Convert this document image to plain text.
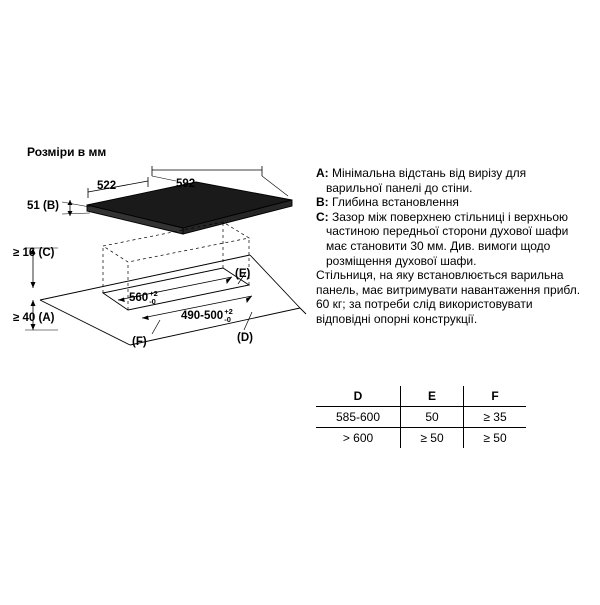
Розміри в мм
522	592
51 (B)
≥ 16 (C)
≥ 40 (A)
560 +2
-0
490-500 +2
-0
(E)
(D)
(F)
A: Мінімальна відстань від вирізу для варильної панелі до стіни.
B: Глибина встановлення
C: Зазор між поверхнею стільниці і верхньою частиною передньої сторони духової шафи має становити 30 мм. Див. вимоги щодо розміщення духової шафи.
Стільниця, на яку встановлюється варильна панель, має витримувати навантаження прибл. 60 кг; за потреби слід використовувати відповідні опорні конструкції.
D	E	F
585-600	50	≥ 35
> 600	≥ 50	≥ 50
